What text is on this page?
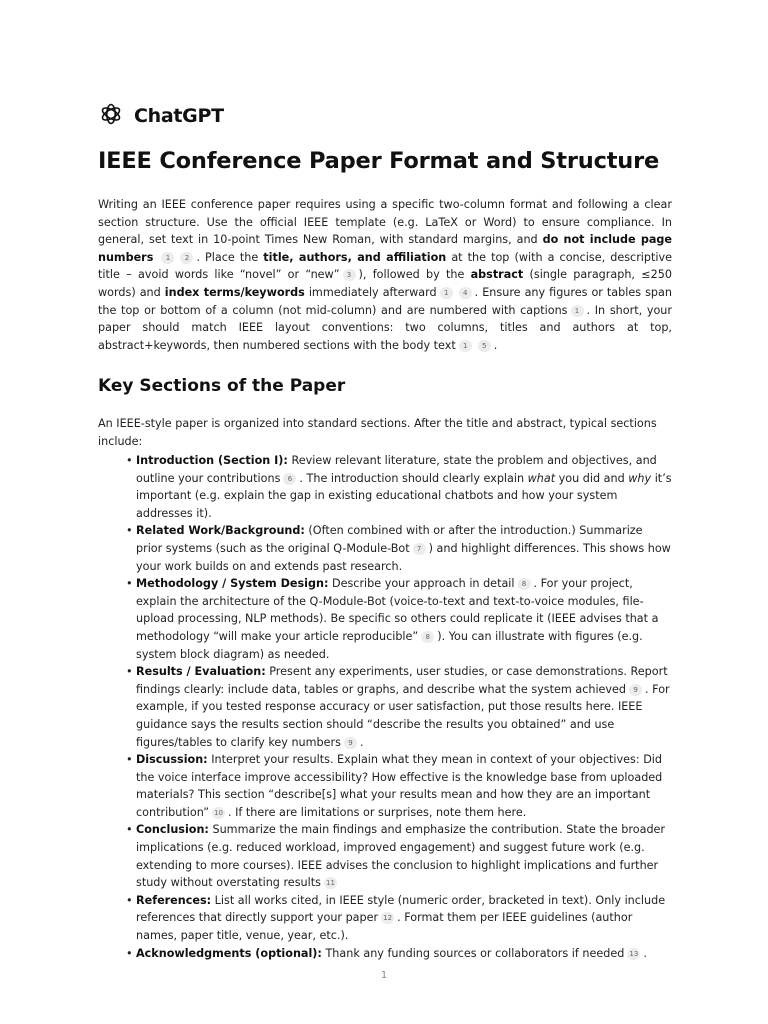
ChatGPT
IEEE Conference Paper Format and Structure

Writing an IEEE conference paper requires using a specific two-column format and following a clear section structure. Use the official IEEE template (e.g. LaTeX or Word) to ensure compliance. In general, set text in 10-point Times New Roman, with standard margins, and do not include page numbers 1 2 . Place the title, authors, and affiliation at the top (with a concise, descriptive title – avoid words like “novel” or “new” 3 ), followed by the abstract (single paragraph, ≤250 words) and index terms/keywords immediately afterward 1 4 . Ensure any figures or tables span the top or bottom of a column (not mid-column) and are numbered with captions 1 . In short, your paper should match IEEE layout conventions: two columns, titles and authors at top, abstract+keywords, then numbered sections with the body text 1 5 .

Key Sections of the Paper

An IEEE-style paper is organized into standard sections. After the title and abstract, typical sections include:

• Introduction (Section I): Review relevant literature, state the problem and objectives, and outline your contributions 6 . The introduction should clearly explain what you did and why it’s important (e.g. explain the gap in existing educational chatbots and how your system addresses it).
• Related Work/Background: (Often combined with or after the introduction.) Summarize prior systems (such as the original Q-Module-Bot 7 ) and highlight differences. This shows how your work builds on and extends past research.
• Methodology / System Design: Describe your approach in detail 8 . For your project, explain the architecture of the Q-Module-Bot (voice-to-text and text-to-voice modules, file-upload processing, NLP methods). Be specific so others could replicate it (IEEE advises that a methodology “will make your article reproducible” 8 ). You can illustrate with figures (e.g. system block diagram) as needed.
• Results / Evaluation: Present any experiments, user studies, or case demonstrations. Report findings clearly: include data, tables or graphs, and describe what the system achieved 9 . For example, if you tested response accuracy or user satisfaction, put those results here. IEEE guidance says the results section should “describe the results you obtained” and use figures/tables to clarify key numbers 9 .
• Discussion: Interpret your results. Explain what they mean in context of your objectives: Did the voice interface improve accessibility? How effective is the knowledge base from uploaded materials? This section “describe[s] what your results mean and how they are an important contribution” 10 . If there are limitations or surprises, note them here.
• Conclusion: Summarize the main findings and emphasize the contribution. State the broader implications (e.g. reduced workload, improved engagement) and suggest future work (e.g. extending to more courses). IEEE advises the conclusion to highlight implications and further study without overstating results 11
• References: List all works cited, in IEEE style (numeric order, bracketed in text). Only include references that directly support your paper 12 . Format them per IEEE guidelines (author names, paper title, venue, year, etc.).
• Acknowledgments (optional): Thank any funding sources or collaborators if needed 13 .
1
